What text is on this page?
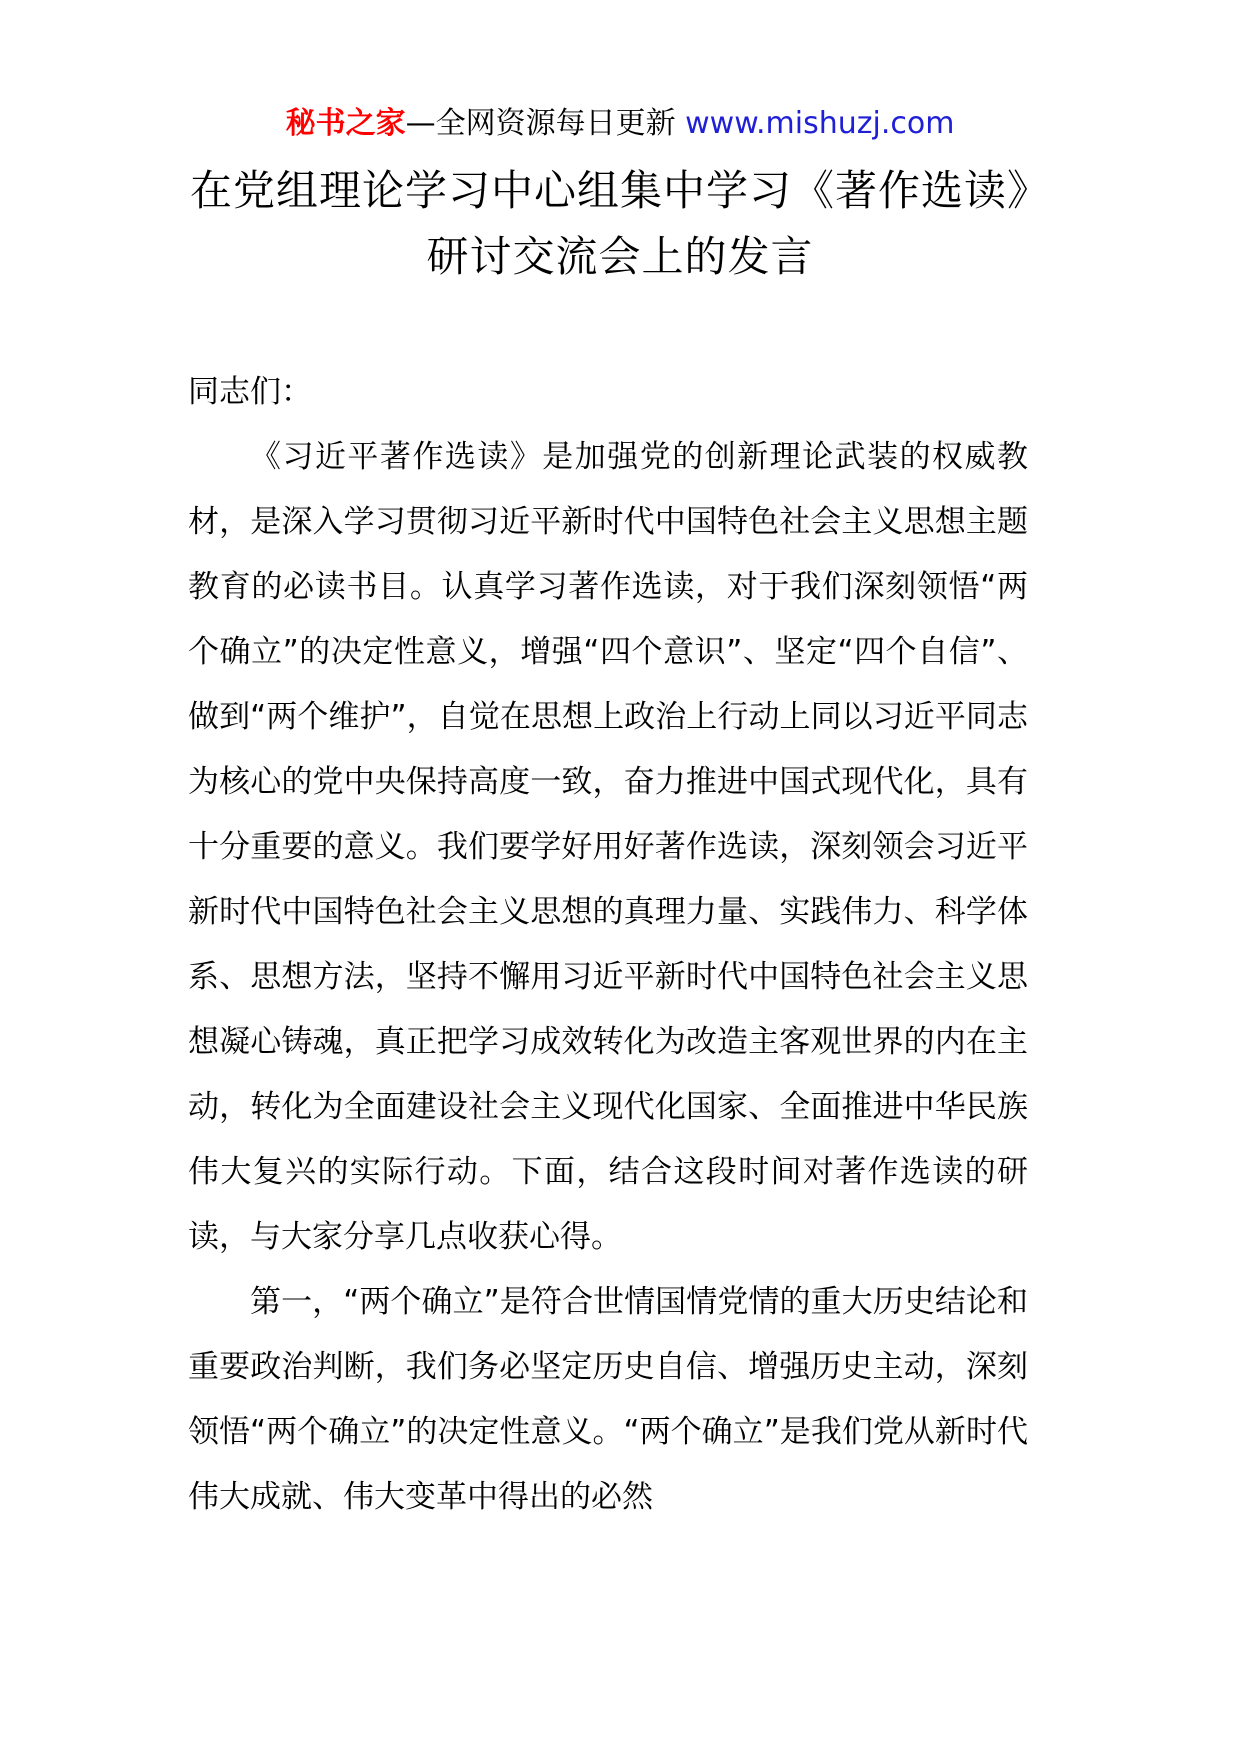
秘书之家—全网资源每日更新 www.mishuzj.com
在党组理论学习中心组集中学习《著作选读》研讨交流会上的发言

同志们：

《习近平著作选读》是加强党的创新理论武装的权威教材，是深入学习贯彻习近平新时代中国特色社会主义思想主题教育的必读书目。认真学习著作选读，对于我们深刻领悟“两个确立”的决定性意义，增强“四个意识”、坚定“四个自信”、做到“两个维护”，自觉在思想上政治上行动上同以习近平同志为核心的党中央保持高度一致，奋力推进中国式现代化，具有十分重要的意义。我们要学好用好著作选读，深刻领会习近平新时代中国特色社会主义思想的真理力量、实践伟力、科学体系、思想方法，坚持不懈用习近平新时代中国特色社会主义思想凝心铸魂，真正把学习成效转化为改造主客观世界的内在主动，转化为全面建设社会主义现代化国家、全面推进中华民族伟大复兴的实际行动。下面，结合这段时间对著作选读的研读，与大家分享几点收获心得。

第一，“两个确立”是符合世情国情党情的重大历史结论和重要政治判断，我们务必坚定历史自信、增强历史主动，深刻领悟“两个确立”的决定性意义。“两个确立”是我们党从新时代伟大成就、伟大变革中得出的必然
